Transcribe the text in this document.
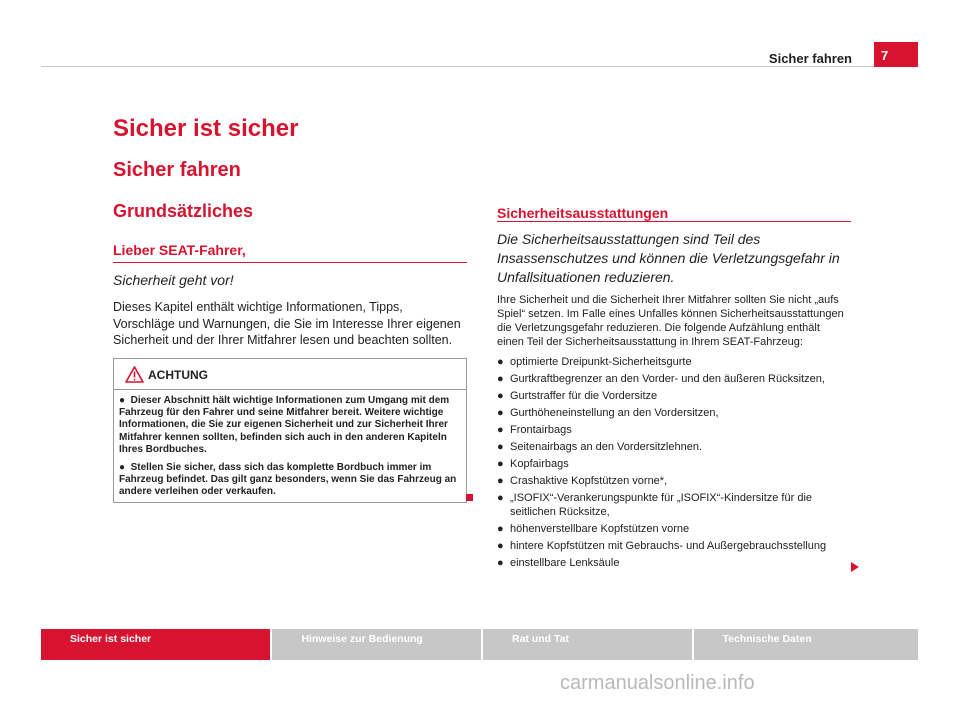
Sicher fahren	7
Sicher ist sicher
Sicher fahren
Grundsätzliches
Lieber SEAT-Fahrer,
Sicherheit geht vor!
Dieses Kapitel enthält wichtige Informationen, Tipps, Vorschläge und Warnungen, die Sie im Interesse Ihrer eigenen Sicherheit und der Ihrer Mitfahrer lesen und beachten sollten.
ACHTUNG

● Dieser Abschnitt hält wichtige Informationen zum Umgang mit dem Fahrzeug für den Fahrer und seine Mitfahrer bereit. Weitere wichtige Informationen, die Sie zur eigenen Sicherheit und zur Sicherheit Ihrer Mitfahrer kennen sollten, befinden sich auch in den anderen Kapiteln Ihres Bordbuches.

● Stellen Sie sicher, dass sich das komplette Bordbuch immer im Fahrzeug befindet. Das gilt ganz besonders, wenn Sie das Fahrzeug an andere verleihen oder verkaufen.

Sicherheitsausstattungen
Die Sicherheitsausstattungen sind Teil des Insassenschutzes und können die Verletzungsgefahr in Unfallsituationen reduzieren.
Ihre Sicherheit und die Sicherheit Ihrer Mitfahrer sollten Sie nicht „aufs Spiel“ setzen. Im Falle eines Unfalles können Sicherheitsausstattungen die Verletzungsgefahr reduzieren. Die folgende Aufzählung enthält einen Teil der Sicherheitsausstattung in Ihrem SEAT-Fahrzeug:
● optimierte Dreipunkt-Sicherheitsgurte
● Gurtkraftbegrenzer an den Vorder- und den äußeren Rücksitzen,
● Gurtstraffer für die Vordersitze
● Gurthöheneinstellung an den Vordersitzen,
● Frontairbags
● Seitenairbags an den Vordersitzlehnen.
● Kopfairbags
● Crashaktive Kopfstützen vorne*,
● „ISOFIX“-Verankerungspunkte für „ISOFIX“-Kindersitze für die seitlichen Rücksitze,
● höhenverstellbare Kopfstützen vorne
● hintere Kopfstützen mit Gebrauchs- und Außergebrauchsstellung
● einstellbare Lenksäule
Sicher ist sicher	Hinweise zur Bedienung	Rat und Tat	Technische Daten
carmanualsonline.info
